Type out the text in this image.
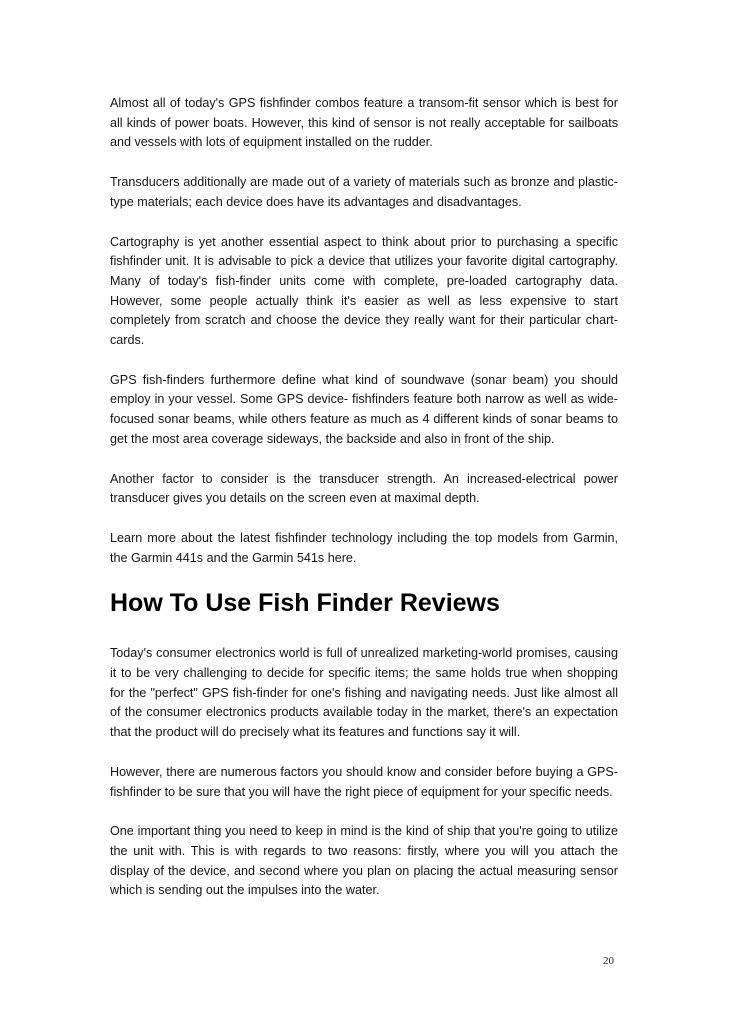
Almost all of today's GPS fishfinder combos feature a transom-fit sensor which is best for all kinds of power boats. However, this kind of sensor is not really acceptable for sailboats and vessels with lots of equipment installed on the rudder.

Transducers additionally are made out of a variety of materials such as bronze and plastic-type materials; each device does have its advantages and disadvantages.

Cartography is yet another essential aspect to think about prior to purchasing a specific fishfinder unit. It is advisable to pick a device that utilizes your favorite digital cartography. Many of today's fish-finder units come with complete, pre-loaded cartography data. However, some people actually think it's easier as well as less expensive to start completely from scratch and choose the device they really want for their particular chart-cards.

GPS fish-finders furthermore define what kind of soundwave (sonar beam) you should employ in your vessel. Some GPS device- fishfinders feature both narrow as well as wide-focused sonar beams, while others feature as much as 4 different kinds of sonar beams to get the most area coverage sideways, the backside and also in front of the ship.

Another factor to consider is the transducer strength. An increased-electrical power transducer gives you details on the screen even at maximal depth.

Learn more about the latest fishfinder technology including the top models from Garmin, the Garmin 441s and the Garmin 541s here.

How To Use Fish Finder Reviews

Today's consumer electronics world is full of unrealized marketing-world promises, causing it to be very challenging to decide for specific items; the same holds true when shopping for the "perfect" GPS fish-finder for one's fishing and navigating needs. Just like almost all of the consumer electronics products available today in the market, there's an expectation that the product will do precisely what its features and functions say it will.

However, there are numerous factors you should know and consider before buying a GPS-fishfinder to be sure that you will have the right piece of equipment for your specific needs.

One important thing you need to keep in mind is the kind of ship that you're going to utilize the unit with. This is with regards to two reasons: firstly, where you will you attach the display of the device, and second where you plan on placing the actual measuring sensor which is sending out the impulses into the water.

20
